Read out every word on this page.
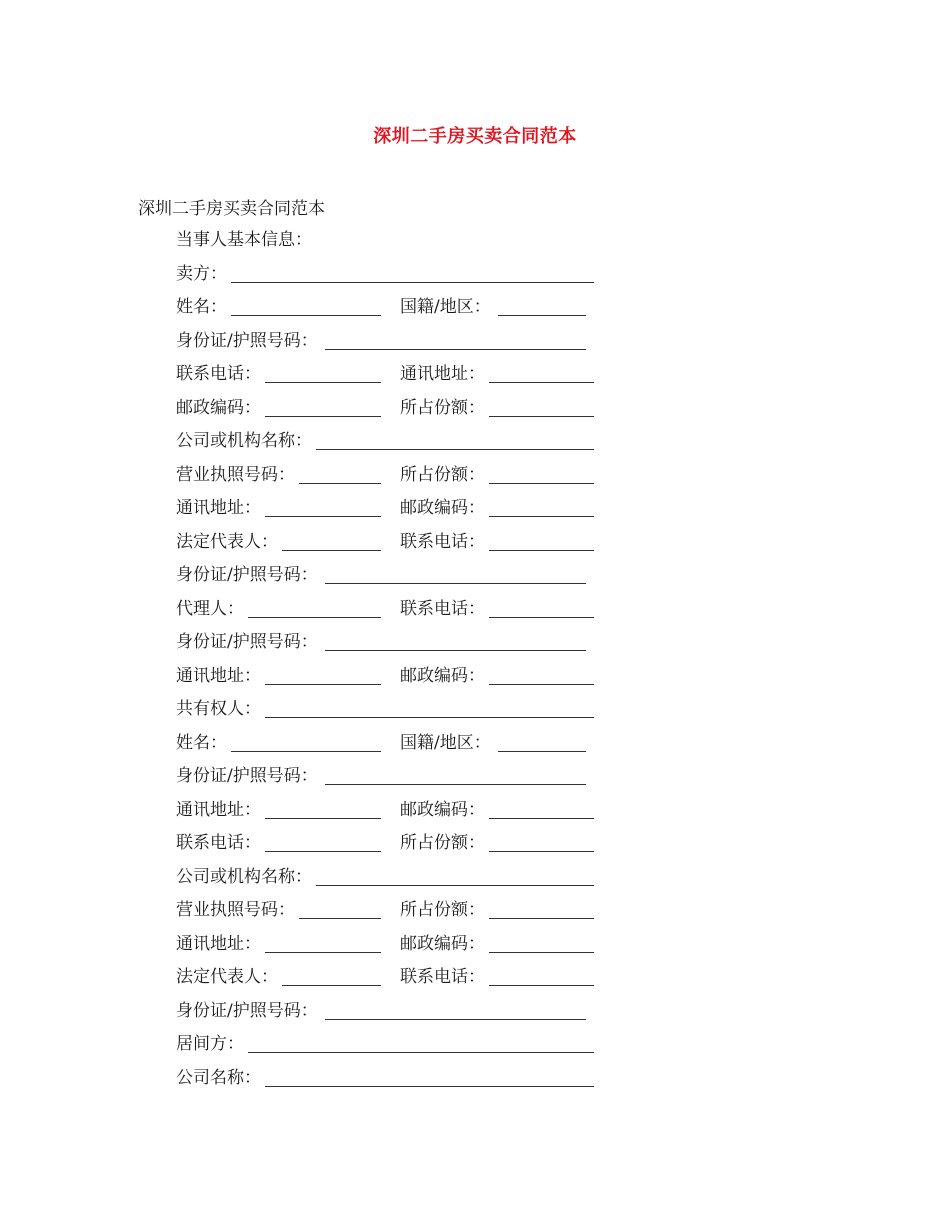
深圳二手房买卖合同范本
深圳二手房买卖合同范本
当事人基本信息：
卖方：
姓名：	国籍/地区：
身份证/护照号码：
联系电话：	通讯地址：
邮政编码：	所占份额：
公司或机构名称：
营业执照号码：	所占份额：
通讯地址：	邮政编码：
法定代表人：	联系电话：
身份证/护照号码：
代理人：	联系电话：
身份证/护照号码：
通讯地址：	邮政编码：
共有权人：
姓名：	国籍/地区：
身份证/护照号码：
通讯地址：	邮政编码：
联系电话：	所占份额：
公司或机构名称：
营业执照号码：	所占份额：
通讯地址：	邮政编码：
法定代表人：	联系电话：
身份证/护照号码：
居间方：
公司名称：
